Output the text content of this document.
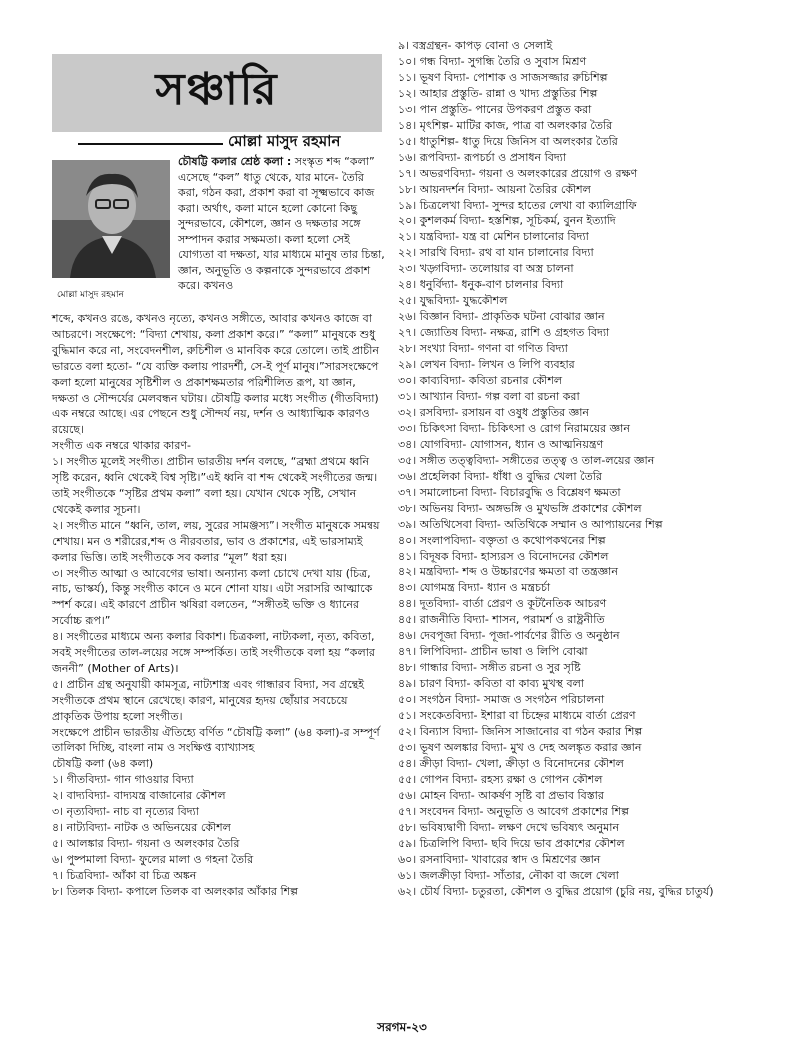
সঞ্চারি
মোল্লা মাসুদ রহমান
মোল্লা মাসুদ রহমান
চৌষট্টি কলার শ্রেষ্ঠ কলা : সংস্কৃত শব্দ “কলা” এসেছে “কল” ধাতু থেকে, যার মানে- তৈরি করা, গঠন করা, প্রকাশ করা বা সূক্ষ্মভাবে কাজ করা। অর্থাৎ, কলা মানে হলো কোনো কিছু সুন্দরভাবে, কৌশলে, জ্ঞান ও দক্ষতার সঙ্গে সম্পাদন করার সক্ষমতা। কলা হলো সেই যোগ্যতা বা দক্ষতা, যার মাধ্যমে মানুষ তার চিন্তা, জ্ঞান, অনুভূতি ও কল্পনাকে সুন্দরভাবে প্রকাশ করে। কখনও

শব্দে, কখনও রঙে, কখনও নৃত্যে, কখনও সঙ্গীতে, আবার কখনও কাজে বা আচরণে। সংক্ষেপে: “বিদ্যা শেখায়, কলা প্রকাশ করে।” “কলা” মানুষকে শুধু বুদ্ধিমান করে না, সংবেদনশীল, রুচিশীল ও মানবিক করে তোলে। তাই প্রাচীন ভারতে বলা হতো- “যে ব্যক্তি কলায় পারদর্শী, সে-ই পূর্ণ মানুষ।”সারসংক্ষেপে কলা হলো মানুষের সৃষ্টিশীল ও প্রকাশক্ষমতার পরিশীলিত রূপ, যা জ্ঞান, দক্ষতা ও সৌন্দর্যের মেলবন্ধন ঘটায়। চৌষট্টি কলার মধ্যে সংগীত (গীতবিদ্যা) এক নম্বরে আছে। এর পেছনে শুধু সৌন্দর্য নয়, দর্শন ও আধ্যাত্মিক কারণও রয়েছে।

সংগীত এক নম্বরে থাকার কারণ-

১। সংগীত মূলেই সংগীত। প্রাচীন ভারতীয় দর্শন বলছে, “ব্রহ্মা প্রথমে ধ্বনি সৃষ্টি করেন, ধ্বনি থেকেই বিশ্ব সৃষ্টি।”এই ধ্বনি বা শব্দ থেকেই সংগীতের জন্ম। তাই সংগীতকে “সৃষ্টির প্রথম কলা” বলা হয়। যেখান থেকে সৃষ্টি, সেখান থেকেই কলার সূচনা।

২। সংগীত মানে “ধ্বনি, তাল, লয়, সুরের সামঞ্জস্য”। সংগীত মানুষকে সমন্বয় শেখায়। মন ও শরীরের,শব্দ ও নীরবতার, ভাব ও প্রকাশের, এই ভারসাম্যই কলার ভিত্তি। তাই সংগীতকে সব কলার “মূল” ধরা হয়।

৩। সংগীত আত্মা ও আবেগের ভাষা। অন্যান্য কলা চোখে দেখা যায় (চিত্র, নাচ, ভাস্কর্য), কিন্তু সংগীত কানে ও মনে শোনা যায়। এটা সরাসরি আত্মাকে স্পর্শ করে। এই কারণে প্রাচীন ঋষিরা বলতেন, “সঙ্গীতই ভক্তি ও ধ্যানের সর্বোচ্চ রূপ।”

৪। সংগীতের মাধ্যমে অন্য কলার বিকাশ। চিত্রকলা, নাট্যকলা, নৃত্য, কবিতা, সবই সংগীতের তাল-লয়ের সঙ্গে সম্পর্কিত। তাই সংগীতকে বলা হয় “কলার জননী” (Mother of Arts)।

৫। প্রাচীন গ্রন্থ অনুযায়ী কামসূত্র, নাট্যশাস্ত্র এবং গান্ধারব বিদ্যা, সব গ্রন্থেই সংগীতকে প্রথম স্থানে রেখেছে। কারণ, মানুষের হৃদয় ছোঁয়ার সবচেয়ে প্রাকৃতিক উপায় হলো সংগীত।

সংক্ষেপে প্রাচীন ভারতীয় ঐতিহ্যে বর্ণিত “চৌষট্টি কলা” (৬৪ কলা)-র সম্পূর্ণ তালিকা দিচ্ছি, বাংলা নাম ও সংক্ষিপ্ত ব্যাখ্যাসহ

চৌষট্টি কলা (৬৪ কলা)

১। গীতবিদ্যা- গান গাওয়ার বিদ্যা
২। বাদ্যবিদ্যা- বাদ্যযন্ত্র বাজানোর কৌশল
৩। নৃত্যবিদ্যা- নাচ বা নৃত্যের বিদ্যা
৪। নাট্যবিদ্যা- নাটক ও অভিনয়ের কৌশল
৫। আলঙ্কার বিদ্যা- গয়না ও অলংকার তৈরি
৬। পুষ্পমালা বিদ্যা- ফুলের মালা ও গহনা তৈরি
৭। চিত্রবিদ্যা- আঁকা বা চিত্র অঙ্কন
৮। তিলক বিদ্যা- কপালে তিলক বা অলংকার আঁকার শিল্প
৯। বস্ত্রগ্রন্থন- কাপড় বোনা ও সেলাই
১০। গন্ধ বিদ্যা- সুগন্ধি তৈরি ও সুবাস মিশ্রণ
১১। ভূষণ বিদ্যা- পোশাক ও সাজসজ্জার রুচিশিল্প
১২। আহার প্রস্তুতি- রান্না ও খাদ্য প্রস্তুতির শিল্প
১৩। পান প্রস্তুতি- পানের উপকরণ প্রস্তুত করা
১৪। মৃৎশিল্প- মাটির কাজ, পাত্র বা অলংকার তৈরি
১৫। ধাতুশিল্প- ধাতু দিয়ে জিনিস বা অলংকার তৈরি
১৬। রূপবিদ্যা- রূপচর্চা ও প্রসাধন বিদ্যা
১৭। অভরণবিদ্যা- গয়না ও অলংকারের প্রয়োগ ও রক্ষণ
১৮। আয়নদর্শন বিদ্যা- আয়না তৈরির কৌশল
১৯। চিত্রলেখা বিদ্যা- সুন্দর হাতের লেখা বা ক্যালিগ্রাফি
২০। কুশলকর্ম বিদ্যা- হস্তশিল্প, সূচিকর্ম, বুনন ইত্যাদি
২১। যন্ত্রবিদ্যা- যন্ত্র বা মেশিন চালানোর বিদ্যা
২২। সারথি বিদ্যা- রথ বা যান চালানোর বিদ্যা
২৩। খড়্গবিদ্যা- তলোয়ার বা অস্ত্র চালনা
২৪। ধনুর্বিদ্যা- ধনুক-বাণ চালনার বিদ্যা
২৫। যুদ্ধবিদ্যা- যুদ্ধকৌশল
২৬। বিজ্ঞান বিদ্যা- প্রাকৃতিক ঘটনা বোঝার জ্ঞান
২৭। জ্যোতিষ বিদ্যা- নক্ষত্র, রাশি ও গ্রহগত বিদ্যা
২৮। সংখ্যা বিদ্যা- গণনা বা গণিত বিদ্যা
২৯। লেখন বিদ্যা- লিখন ও লিপি ব্যবহার
৩০। কাব্যবিদ্যা- কবিতা রচনার কৌশল
৩১। আখ্যান বিদ্যা- গল্প বলা বা রচনা করা
৩২। রসবিদ্যা- রসায়ন বা ওষুধ প্রস্তুতির জ্ঞান
৩৩। চিকিৎসা বিদ্যা- চিকিৎসা ও রোগ নিরাময়ের জ্ঞান
৩৪। যোগবিদ্যা- যোগাসন, ধ্যান ও আত্মনিয়ন্ত্রণ
৩৫। সঙ্গীত তত্ত্ববিদ্যা- সঙ্গীতের তত্ত্ব ও তাল-লয়ের জ্ঞান
৩৬। প্রহেলিকা বিদ্যা- ধাঁধা ও বুদ্ধির খেলা তৈরি
৩৭। সমালোচনা বিদ্যা- বিচারবুদ্ধি ও বিশ্লেষণ ক্ষমতা
৩৮। অভিনয় বিদ্যা- অঙ্গভঙ্গি ও মুখভঙ্গি প্রকাশের কৌশল
৩৯। অতিথিসেবা বিদ্যা- অতিথিকে সম্মান ও আপ্যায়নের শিল্প
৪০। সংলাপবিদ্যা- বক্তৃতা ও কথোপকথনের শিল্প
৪১। বিদূষক বিদ্যা- হাস্যরস ও বিনোদনের কৌশল
৪২। মন্ত্রবিদ্যা- শব্দ ও উচ্চারণের ক্ষমতা বা তন্ত্রজ্ঞান
৪৩। যোগমন্ত্র বিদ্যা- ধ্যান ও মন্ত্রচর্চা
৪৪। দূতবিদ্যা- বার্তা প্রেরণ ও কূটনৈতিক আচরণ
৪৫। রাজনীতি বিদ্যা- শাসন, পরামর্শ ও রাষ্ট্রনীতি
৪৬। দেবপূজা বিদ্যা- পূজা-পার্বণের রীতি ও অনুষ্ঠান
৪৭। লিপিবিদ্যা- প্রাচীন ভাষা ও লিপি বোঝা
৪৮। গান্ধার বিদ্যা- সঙ্গীত রচনা ও সুর সৃষ্টি
৪৯। চারণ বিদ্যা- কবিতা বা কাব্য মুখস্থ বলা
৫০। সংগঠন বিদ্যা- সমাজ ও সংগঠন পরিচালনা
৫১। সংকেতবিদ্যা- ইশারা বা চিহ্নের মাধ্যমে বার্তা প্রেরণ
৫২। বিন্যাস বিদ্যা- জিনিস সাজানোর বা গঠন করার শিল্প
৫৩। ভূষণ অলঙ্কার বিদ্যা- মুখ ও দেহ অলঙ্কৃত করার জ্ঞান
৫৪। ক্রীড়া বিদ্যা- খেলা, ক্রীড়া ও বিনোদনের কৌশল
৫৫। গোপন বিদ্যা- রহস্য রক্ষা ও গোপন কৌশল
৫৬। মোহন বিদ্যা- আকর্ষণ সৃষ্টি বা প্রভাব বিস্তার
৫৭। সংবেদন বিদ্যা- অনুভূতি ও আবেগ প্রকাশের শিল্প
৫৮। ভবিষ্যদ্বাণী বিদ্যা- লক্ষণ দেখে ভবিষ্যৎ অনুমান
৫৯। চিত্রলিপি বিদ্যা- ছবি দিয়ে ভাব প্রকাশের কৌশল
৬০। রসনাবিদ্যা- খাবারের স্বাদ ও মিশ্রণের জ্ঞান
৬১। জলক্রীড়া বিদ্যা- সাঁতার, নৌকা বা জলে খেলা
৬২। চৌর্য বিদ্যা- চতুরতা, কৌশল ও বুদ্ধির প্রয়োগ (চুরি নয়, বুদ্ধির চাতুর্য)
সরগম-২৩
